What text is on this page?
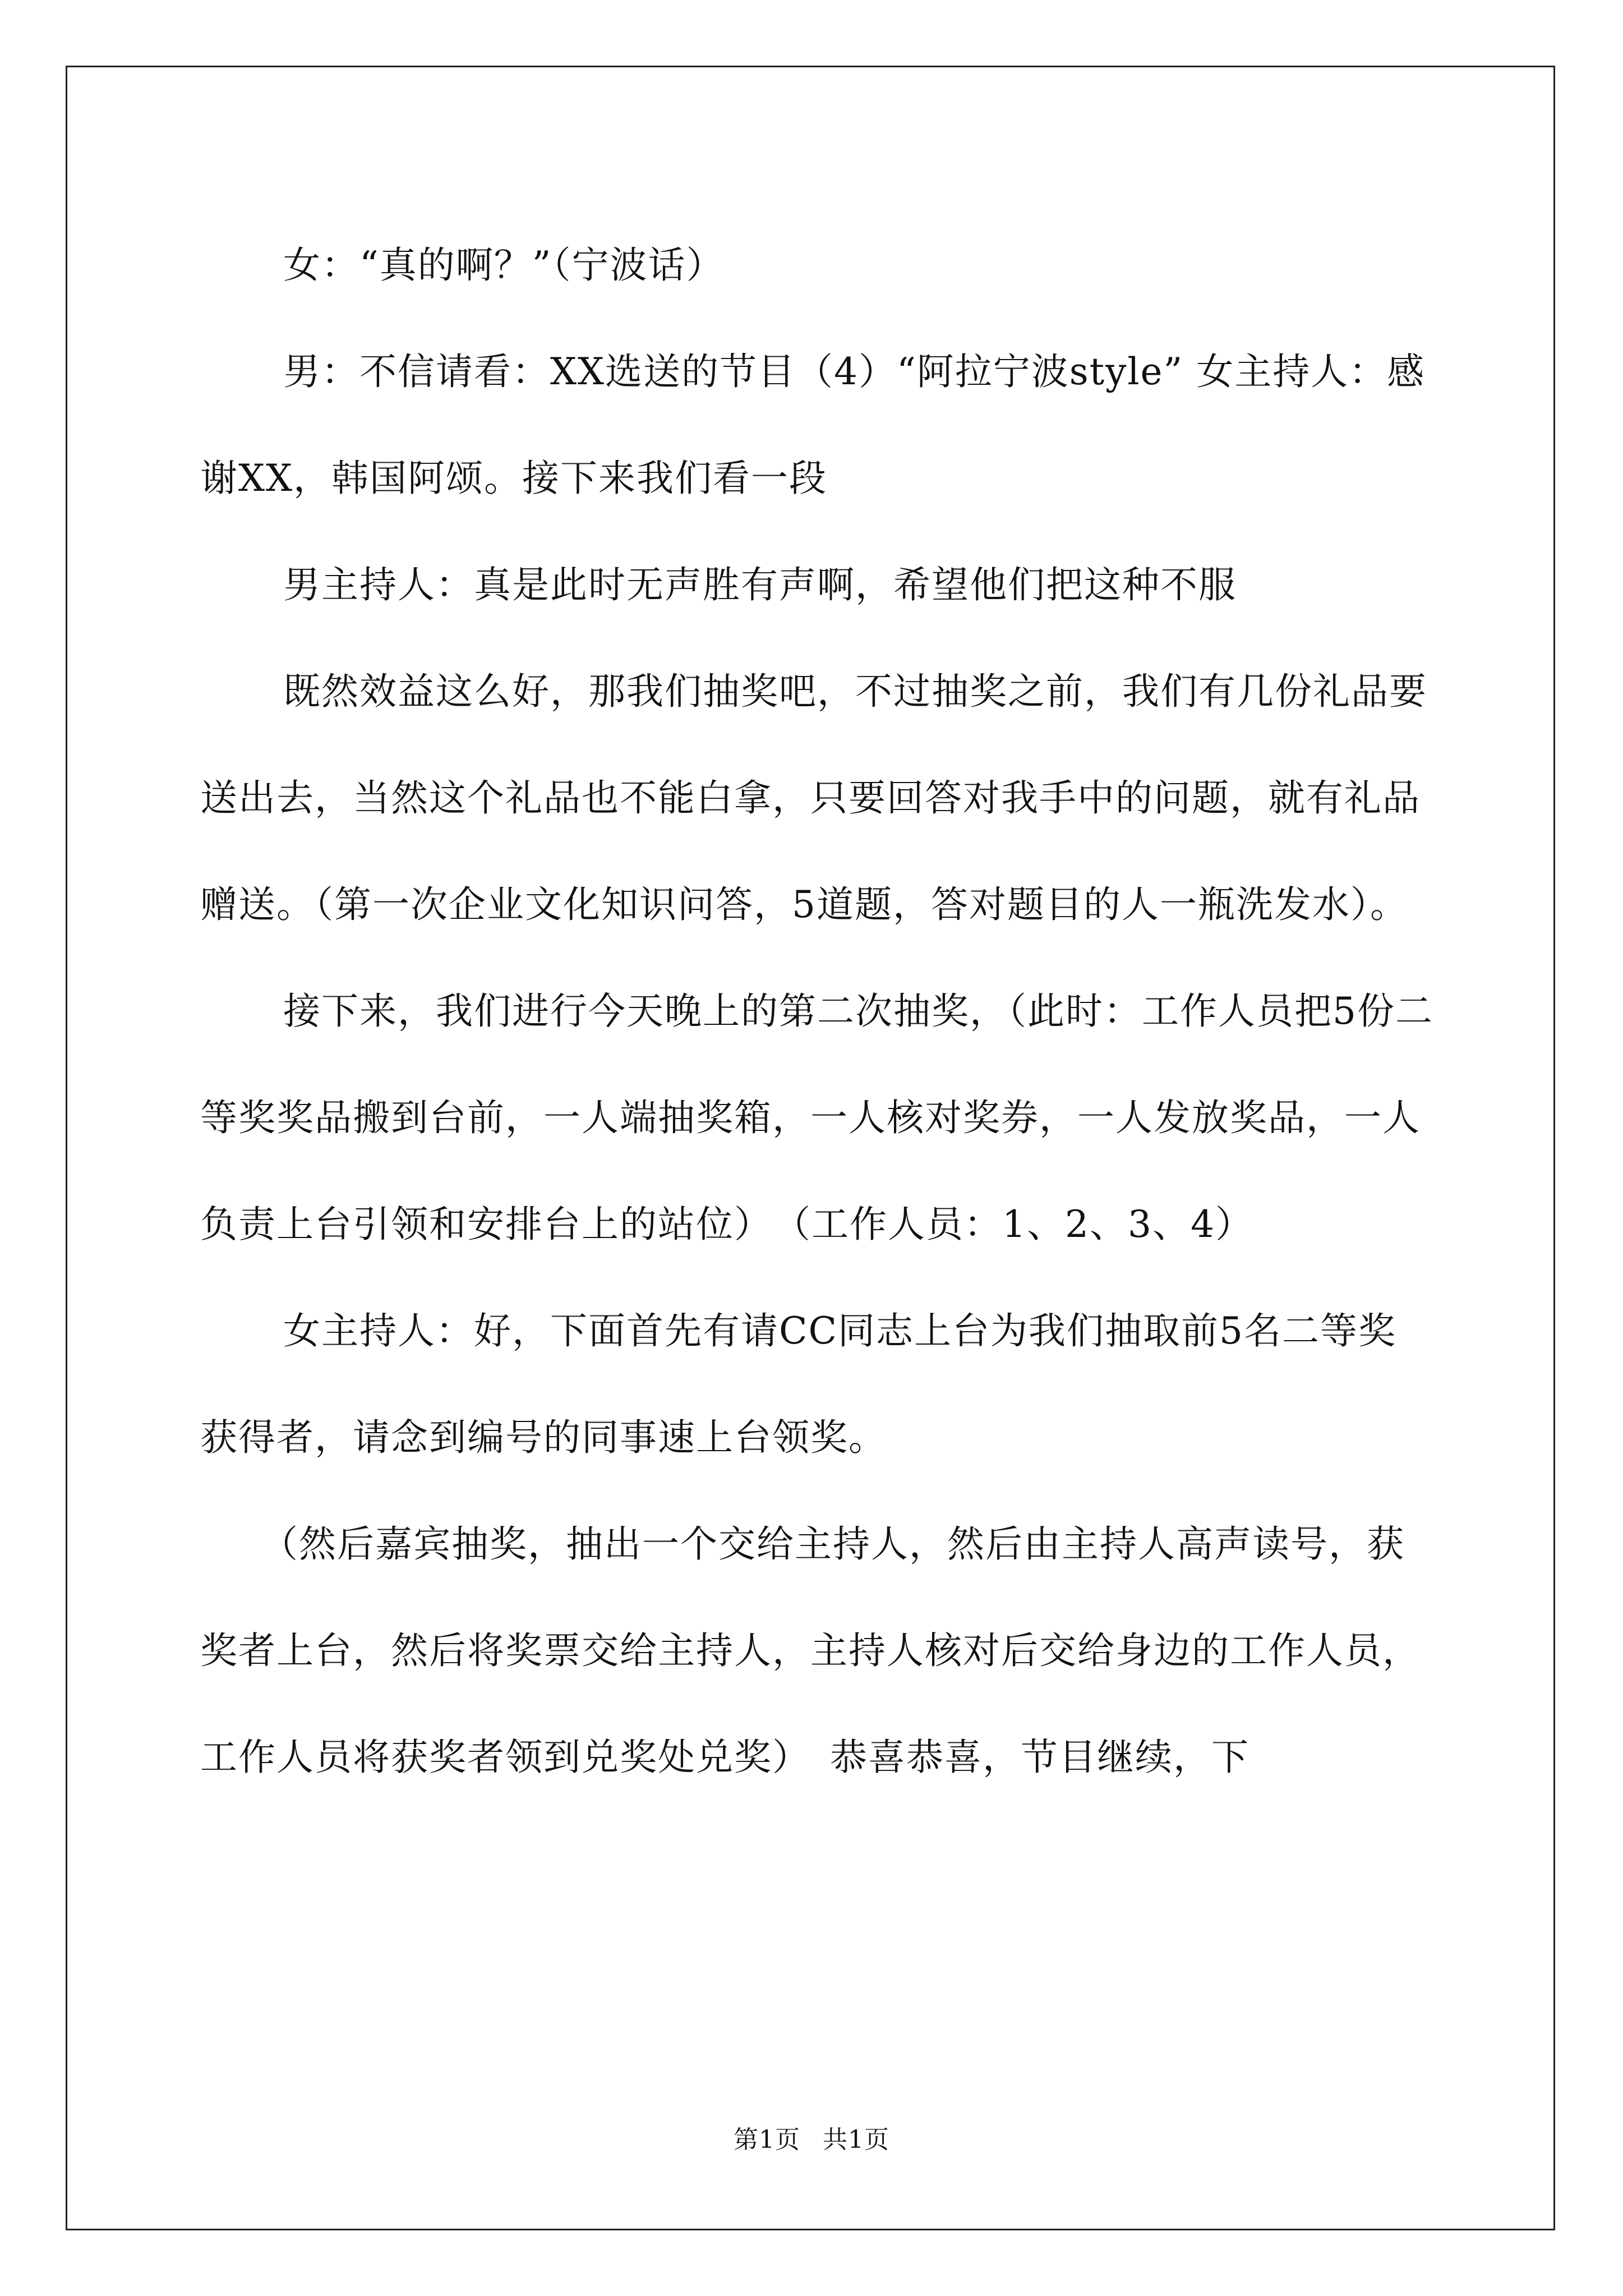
女：“真的啊？”（宁波话）

男：不信请看：XX选送的节目（4）“阿拉宁波style” 女主持人：感谢XX，韩国阿颂。接下来我们看一段

男主持人：真是此时无声胜有声啊，希望他们把这种不服

既然效益这么好，那我们抽奖吧，不过抽奖之前，我们有几份礼品要送出去，当然这个礼品也不能白拿，只要回答对我手中的问题，就有礼品赠送。（第一次企业文化知识问答，5道题，答对题目的人一瓶洗发水）。

接下来，我们进行今天晚上的第二次抽奖，（此时：工作人员把5份二等奖奖品搬到台前，一人端抽奖箱，一人核对奖券，一人发放奖品，一人负责上台引领和安排台上的站位）　（工作人员：1、2、3、4）

女主持人：好，下面首先有请CC同志上台为我们抽取前5名二等奖获得者，请念到编号的同事速上台领奖。

（然后嘉宾抽奖，抽出一个交给主持人，然后由主持人高声读号，获奖者上台，然后将奖票交给主持人，主持人核对后交给身边的工作人员，工作人员将获奖者领到兑奖处兑奖）　恭喜恭喜，节目继续，下

第1页 共1页
